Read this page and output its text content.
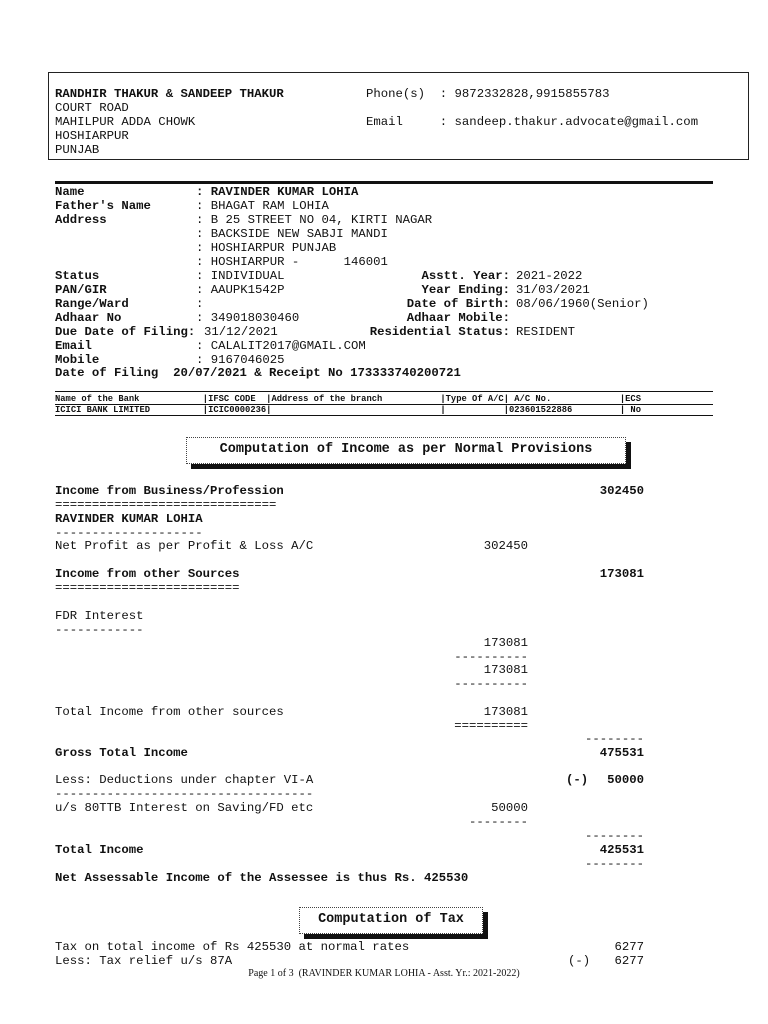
RANDHIR THAKUR & SANDEEP THAKUR
COURT ROAD
MAHILPUR ADDA CHOWK
HOSHIARPUR
PUNJAB
Phone(s)  : 9872332828,9915855783
Email     : sandeep.thakur.advocate@gmail.com
Name	: RAVINDER KUMAR LOHIA
Father's Name	: BHAGAT RAM LOHIA
Address	: B 25 STREET NO 04, KIRTI NAGAR
: BACKSIDE NEW SABJI MANDI
: HOSHIARPUR PUNJAB
: HOSHIARPUR -      146001
Status	: INDIVIDUAL	Asstt. Year: 2021-2022
PAN/GIR	: AAUPK1542P	Year Ending: 31/03/2021
Range/Ward	:	Date of Birth: 08/06/1960(Senior)
Adhaar No	: 349018030460	Adhaar Mobile:
Due Date of Filing: 31/12/2021	Residential Status: RESIDENT
Email	: CALALIT2017@GMAIL.COM
Mobile	: 9167046025
Date of Filing  20/07/2021 & Receipt No 173333740200721
Name of the Bank            |IFSC CODE  |Address of the branch           |Type Of A/C| A/C No.             |ECS
ICICI BANK LIMITED          |ICIC0000236|                                |           |023601522886         | No
Computation of Income as per Normal Provisions
Income from Business/Profession	302450
==============================
RAVINDER KUMAR LOHIA
--------------------
Net Profit as per Profit & Loss A/C	302450
Income from other Sources	173081
=========================
FDR Interest
------------
173081
----------
173081
----------
Total Income from other sources	173081
==========
--------
Gross Total Income	475531
Less: Deductions under chapter VI-A	(-)	50000
-----------------------------------
u/s 80TTB Interest on Saving/FD etc	50000
--------
--------
Total Income	425531
--------
Net Assessable Income of the Assessee is thus Rs. 425530
Computation of Tax
Tax on total income of Rs 425530 at normal rates	6277
Less: Tax relief u/s 87A	(-)	6277
Page 1 of 3  (RAVINDER KUMAR LOHIA - Asst. Yr.: 2021-2022)
